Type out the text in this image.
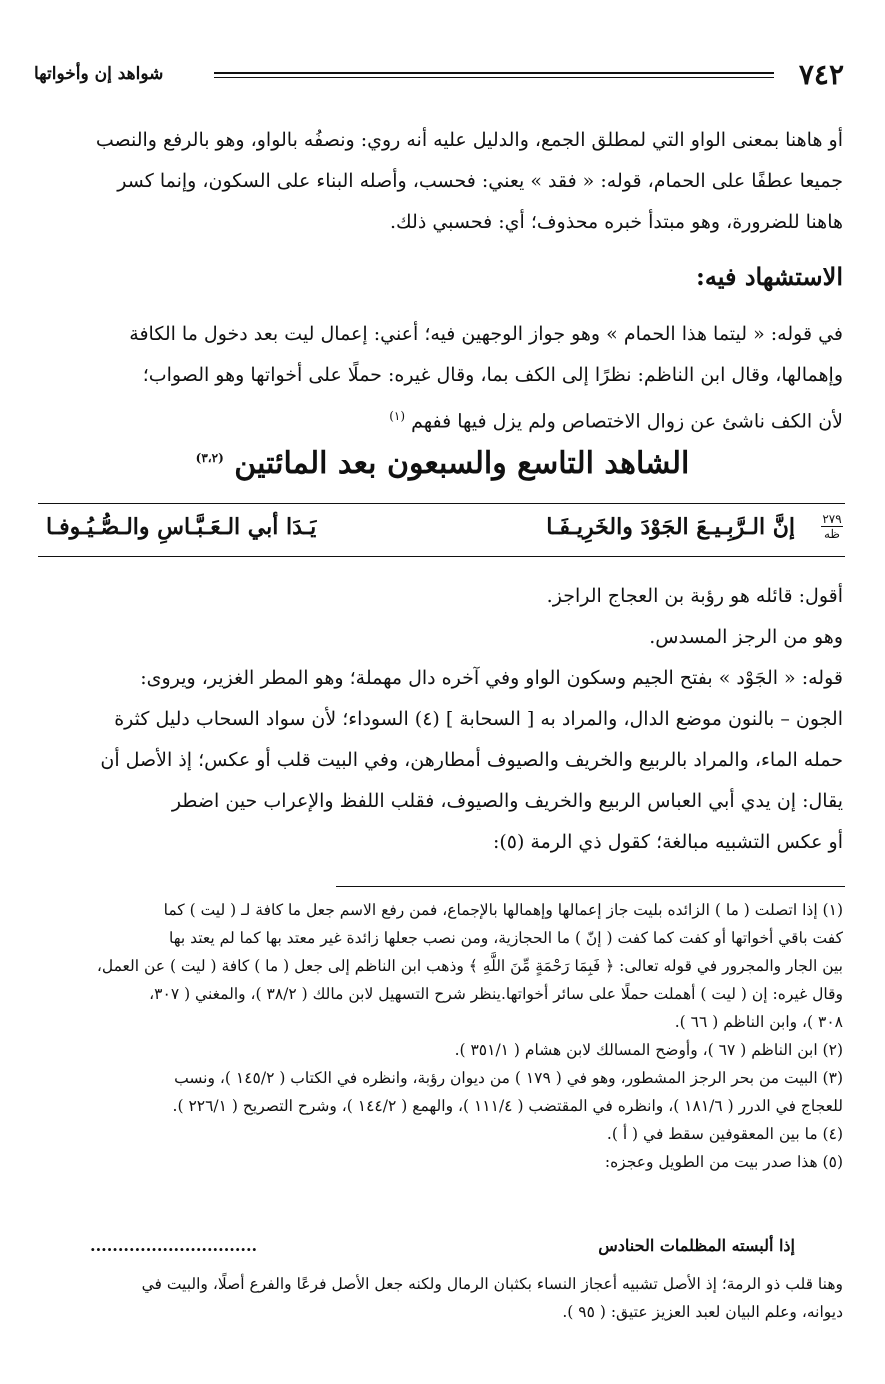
٧٤٢
شواهد إن وأخواتها
أو هاهنا بمعنى الواو التي لمطلق الجمع، والدليل عليه أنه روي: ونصفُه بالواو، وهو بالرفع والنصب
جميعا عطفًا على الحمام، قوله: « فقد » يعني: فحسب، وأصله البناء على السكون، وإنما كسر
هاهنا للضرورة، وهو مبتدأ خبره محذوف؛ أي: فحسبي ذلك.
الاستشهاد فيه:
في قوله: « ليتما هذا الحمام » وهو جواز الوجهين فيه؛ أعني: إعمال ليت بعد دخول ما الكافة
وإهمالها، وقال ابن الناظم: نظرًا إلى الكف بما، وقال غيره: حملًا على أخواتها وهو الصواب؛
لأن الكف ناشئ عن زوال الاختصاص ولم يزل فيها ففهم $^{(١)}$
الشاهد التاسع والسبعون بعد المائتين $^{(٣،٢)}$
٢٧٩
ظه
إنَّ الـرَّبِـيـعَ الجَوْدَ والخَرِيـفَـا
يَـدَا أبي الـعَـبَّـاسِ والـصُّـيُـوفـا
أقول: قائله هو رؤبة بن العجاج الراجز.
وهو من الرجز المسدس.
قوله: « الجَوْد » بفتح الجيم وسكون الواو وفي آخره دال مهملة؛ وهو المطر الغزير، ويروى:
الجون – بالنون موضع الدال، والمراد به [ السحابة ] (٤) السوداء؛ لأن سواد السحاب دليل كثرة
حمله الماء، والمراد بالربيع والخريف والصيوف أمطارهن، وفي البيت قلب أو عكس؛ إذ الأصل أن
يقال: إن يدي أبي العباس الربيع والخريف والصيوف، فقلب اللفظ والإعراب حين اضطر
أو عكس التشبيه مبالغة؛ كقول ذي الرمة (٥):
(١) إذا اتصلت ( ما ) الزائده بليت جاز إعمالها وإهمالها بالإجماع، فمن رفع الاسم جعل ما كافة لـ ( ليت ) كما
كفت باقي أخواتها أو كفت كما كفت ( إنّ ) ما الحجازية، ومن نصب جعلها زائدة غير معتد بها كما لم يعتد بها
بين الجار والمجرور في قوله تعالى: ﴿ فَبِمَا رَحْمَةٍ مِّنَ اللَّهِ ﴾ وذهب ابن الناظم إلى جعل ( ما ) كافة ( ليت ) عن العمل،
وقال غيره: إن ( ليت ) أهملت حملًا على سائر أخواتها.ينظر شرح التسهيل لابن مالك ( ٣٨/٢ )، والمغني ( ٣٠٧،
٣٠٨ )، وابن الناظم ( ٦٦ ).
(٢) ابن الناظم ( ٦٧ )، وأوضح المسالك لابن هشام ( ٣٥١/١ ).
(٣) البيت من بحر الرجز المشطور، وهو في ( ١٧٩ ) من ديوان رؤبة، وانظره في الكتاب ( ١٤٥/٢ )، ونسب
للعجاج في الدرر ( ١٨١/٦ )، وانظره في المقتضب ( ١١١/٤ )، والهمع ( ١٤٤/٢ )، وشرح التصريح ( ٢٢٦/١ ).
(٤) ما بين المعقوفين سقط في ( أ ).
(٥) هذا صدر بيت من الطويل وعجزه:
إذا ألبسته المظلمات الحنادس
..............................
وهنا قلب ذو الرمة؛ إذ الأصل تشبيه أعجاز النساء بكثبان الرمال ولكنه جعل الأصل فرعًا والفرع أصلًا، والبيت في
ديوانه، وعلم البيان لعبد العزيز عتيق: ( ٩٥ ).
